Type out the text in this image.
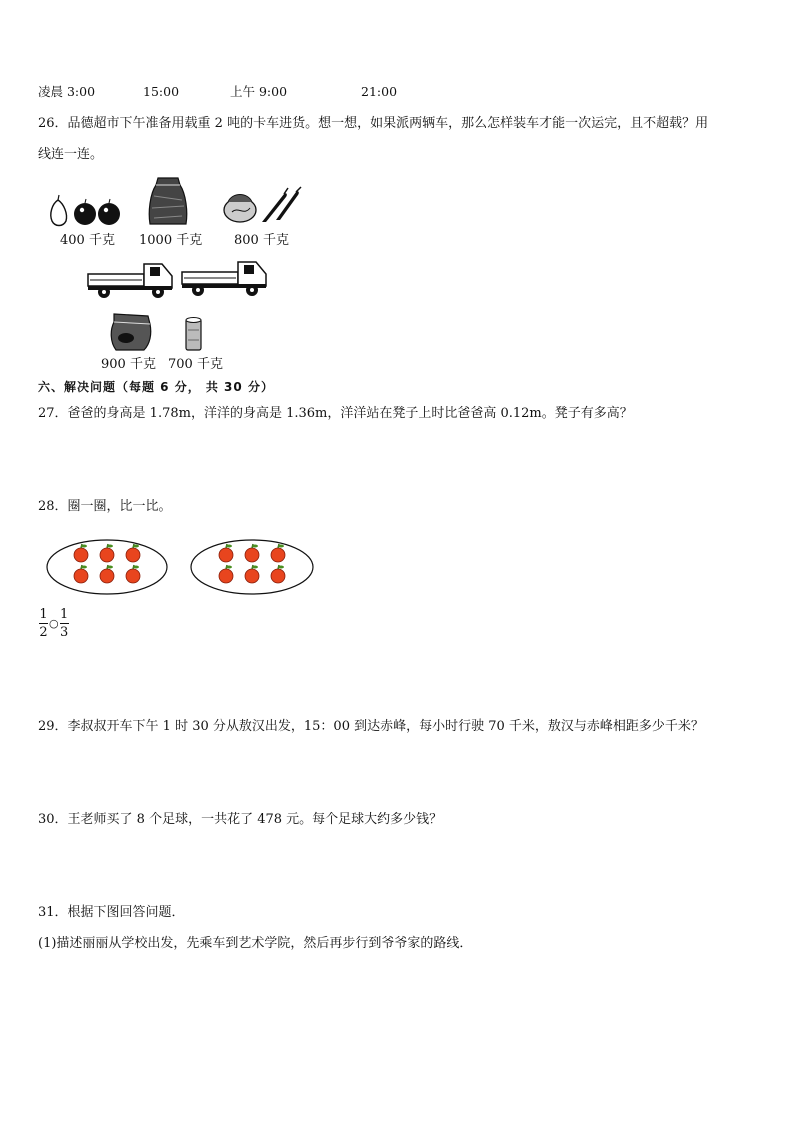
凌晨 3:00	15:00	上午 9:00	21:00
26．品德超市下午准备用载重 2 吨的卡车进货。想一想，如果派两辆车，那么怎样装车才能一次运完，且不超载？用
线连一连。
400 千克 1000 千克 800 千克
900 千克 700 千克
六、解决问题（每题 6 分， 共 30 分）
27．爸爸的身高是 1.78m，洋洋的身高是 1.36m，洋洋站在凳子上时比爸爸高 0.12m。凳子有多高？
28．圈一圈，比一比。
$\frac{1}{2}$ ○ $\frac{1}{3}$
29．李叔叔开车下午 1 时 30 分从敖汉出发，15：00 到达赤峰，每小时行驶 70 千米，敖汉与赤峰相距多少千米？
30．王老师买了 8 个足球，一共花了 478 元。每个足球大约多少钱？
31．根据下图回答问题．
(1)描述丽丽从学校出发，先乘车到艺术学院，然后再步行到爷爷家的路线．
